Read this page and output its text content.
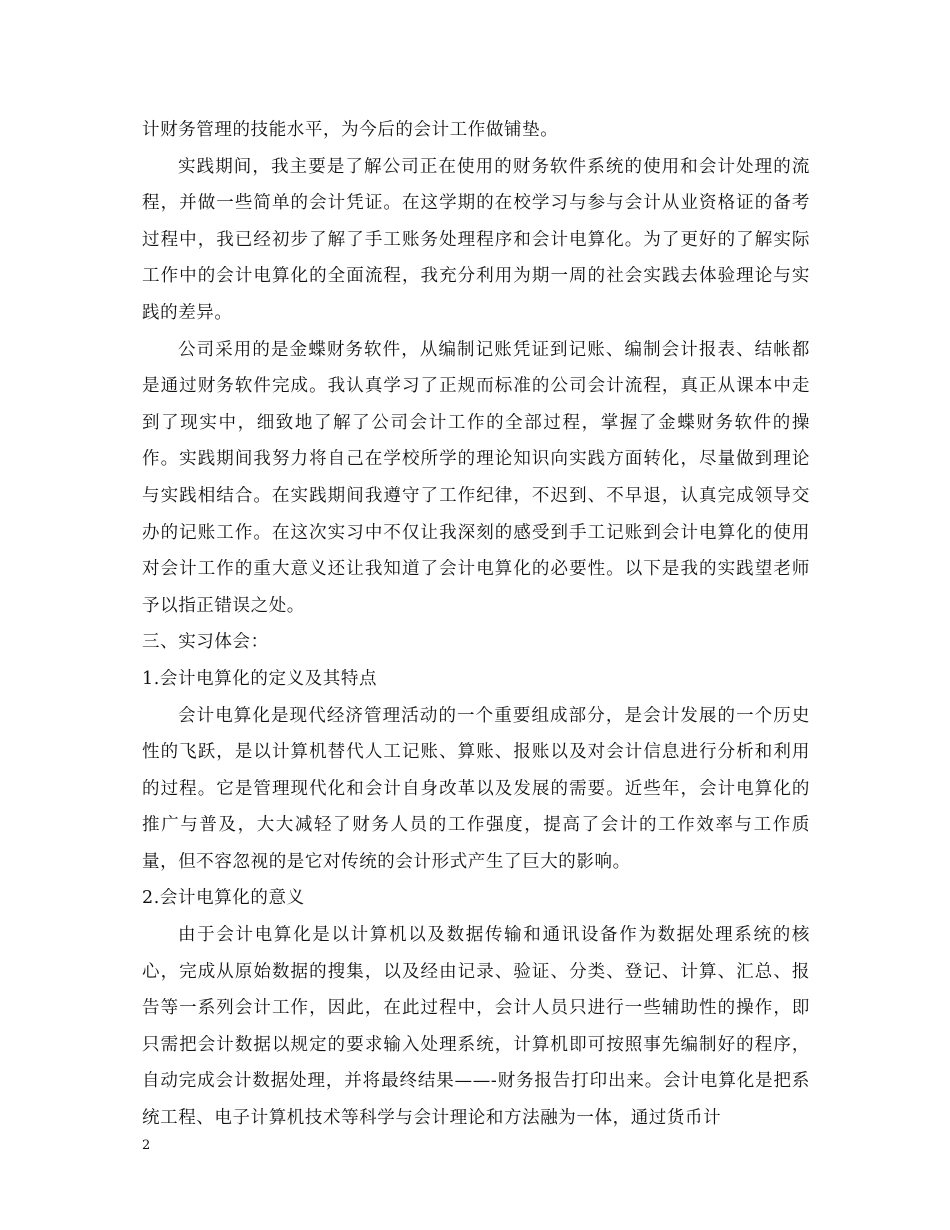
计财务管理的技能水平，为今后的会计工作做铺垫。

实践期间，我主要是了解公司正在使用的财务软件系统的使用和会计处理的流程，并做一些简单的会计凭证。在这学期的在校学习与参与会计从业资格证的备考过程中，我已经初步了解了手工账务处理程序和会计电算化。为了更好的了解实际工作中的会计电算化的全面流程，我充分利用为期一周的社会实践去体验理论与实践的差异。

公司采用的是金蝶财务软件，从编制记账凭证到记账、编制会计报表、结帐都是通过财务软件完成。我认真学习了正规而标准的公司会计流程，真正从课本中走到了现实中，细致地了解了公司会计工作的全部过程，掌握了金蝶财务软件的操作。实践期间我努力将自己在学校所学的理论知识向实践方面转化，尽量做到理论与实践相结合。在实践期间我遵守了工作纪律，不迟到、不早退，认真完成领导交办的记账工作。在这次实习中不仅让我深刻的感受到手工记账到会计电算化的使用对会计工作的重大意义还让我知道了会计电算化的必要性。以下是我的实践望老师予以指正错误之处。

三、实习体会：

1.会计电算化的定义及其特点

会计电算化是现代经济管理活动的一个重要组成部分，是会计发展的一个历史性的飞跃，是以计算机替代人工记账、算账、报账以及对会计信息进行分析和利用的过程。它是管理现代化和会计自身改革以及发展的需要。近些年，会计电算化的推广与普及，大大减轻了财务人员的工作强度，提高了会计的工作效率与工作质量，但不容忽视的是它对传统的会计形式产生了巨大的影响。

2.会计电算化的意义

由于会计电算化是以计算机以及数据传输和通讯设备作为数据处理系统的核心，完成从原始数据的搜集，以及经由记录、验证、分类、登记、计算、汇总、报告等一系列会计工作，因此，在此过程中，会计人员只进行一些辅助性的操作，即只需把会计数据以规定的要求输入处理系统，计算机即可按照事先编制好的程序，自动完成会计数据处理，并将最终结果——-财务报告打印出来。会计电算化是把系统工程、电子计算机技术等科学与会计理论和方法融为一体，通过货币计

2
